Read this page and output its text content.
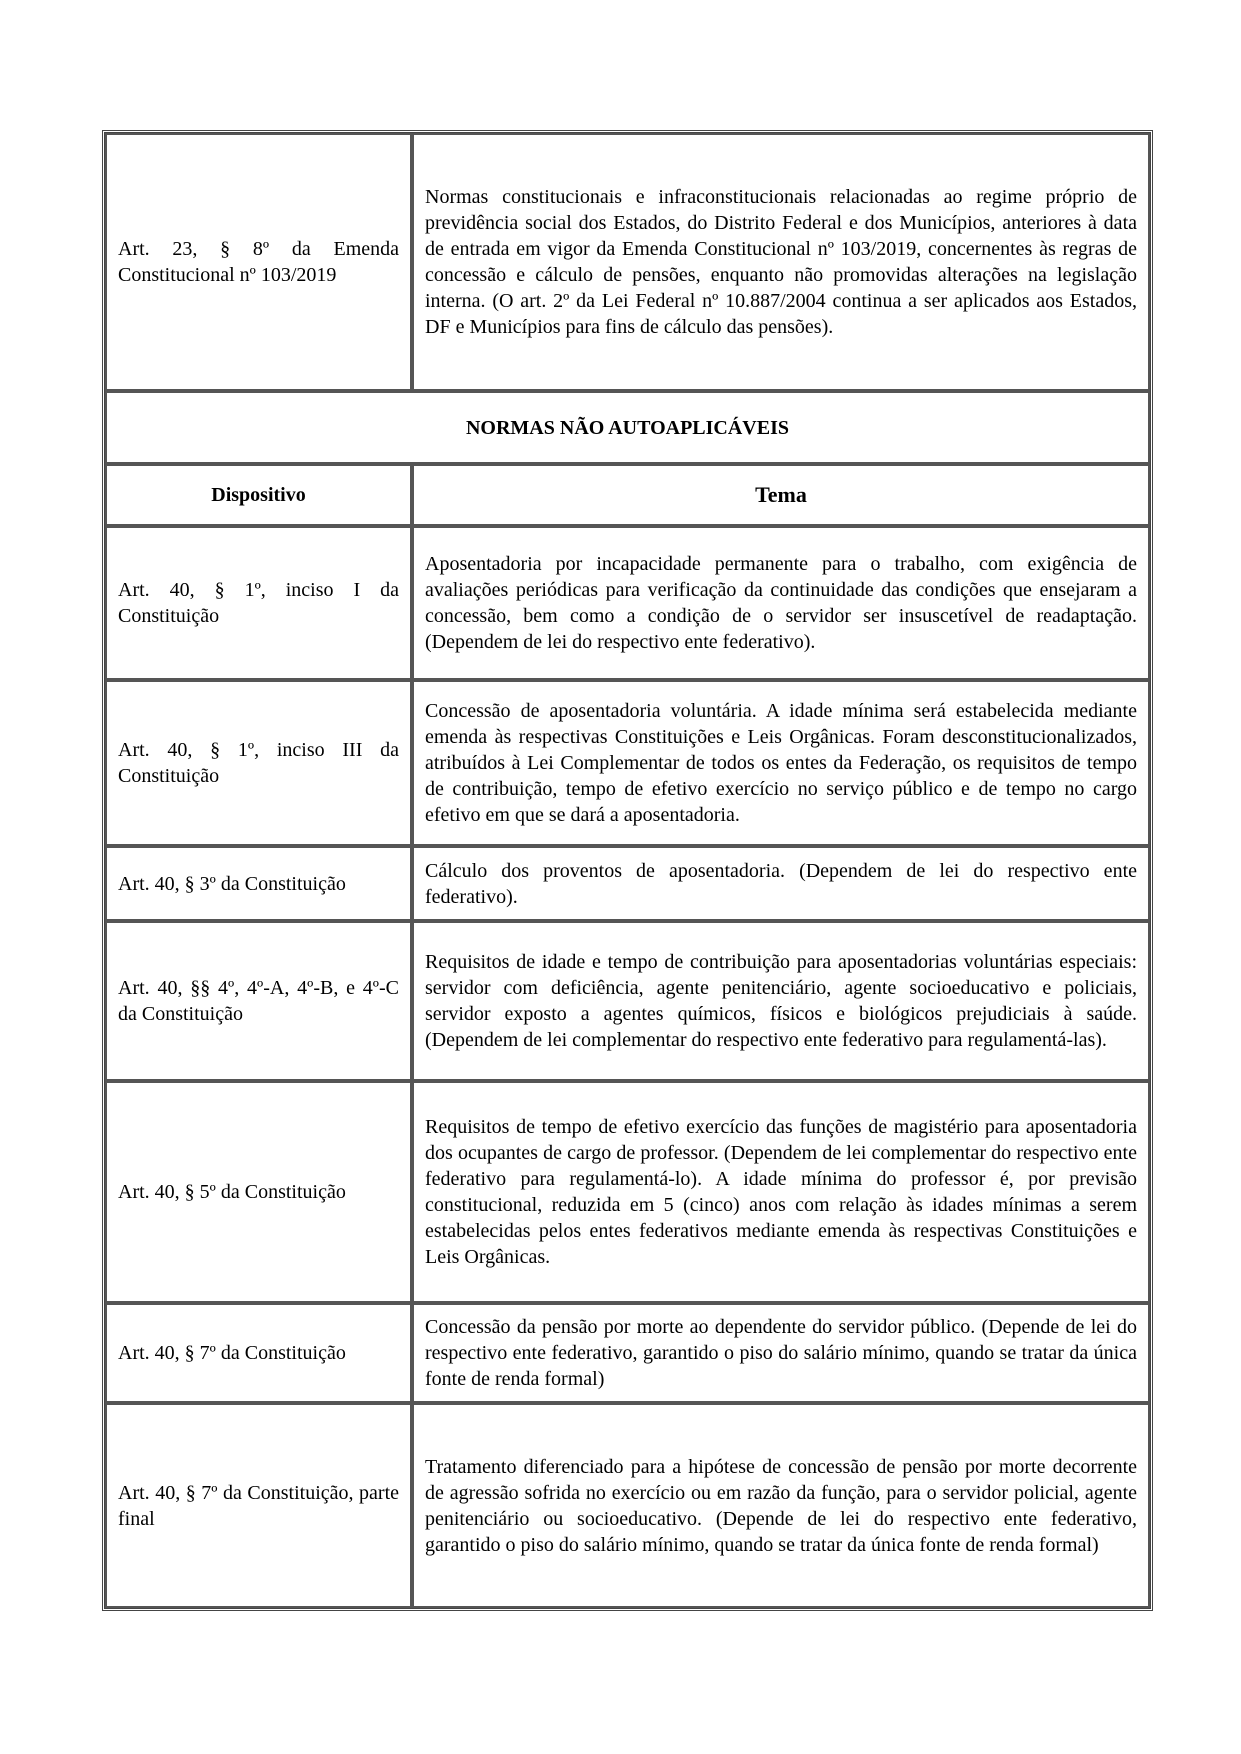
Art. 23, § 8º da Emenda Constitucional nº 103/2019	Normas constitucionais e infraconstitucionais relacionadas ao regime próprio de previdência social dos Estados, do Distrito Federal e dos Municípios, anteriores à data de entrada em vigor da Emenda Constitucional nº 103/2019, concernentes às regras de concessão e cálculo de pensões, enquanto não promovidas alterações na legislação interna. (O art. 2º da Lei Federal nº 10.887/2004 continua a ser aplicados aos Estados, DF e Municípios para fins de cálculo das pensões).
NORMAS NÃO AUTOAPLICÁVEIS	
Dispositivo	Tema
Art. 40, § 1º, inciso I da Constituição	Aposentadoria por incapacidade permanente para o trabalho, com exigência de avaliações periódicas para verificação da continuidade das condições que ensejaram a concessão, bem como a condição de o servidor ser insuscetível de readaptação. (Dependem de lei do respectivo ente federativo).
Art. 40, § 1º, inciso III da Constituição	Concessão de aposentadoria voluntária. A idade mínima será estabelecida mediante emenda às respectivas Constituições e Leis Orgânicas. Foram desconstitucionalizados, atribuídos à Lei Complementar de todos os entes da Federação, os requisitos de tempo de contribuição, tempo de efetivo exercício no serviço público e de tempo no cargo efetivo em que se dará a aposentadoria.
Art. 40, § 3º da Constituição	Cálculo dos proventos de aposentadoria. (Dependem de lei do respectivo ente federativo).
Art. 40, §§ 4º, 4º-A, 4º-B, e 4º-C da Constituição	Requisitos de idade e tempo de contribuição para aposentadorias voluntárias especiais: servidor com deficiência, agente penitenciário, agente socioeducativo e policiais, servidor exposto a agentes químicos, físicos e biológicos prejudiciais à saúde. (Dependem de lei complementar do respectivo ente federativo para regulamentá-las).
Art. 40, § 5º da Constituição	Requisitos de tempo de efetivo exercício das funções de magistério para aposentadoria dos ocupantes de cargo de professor. (Dependem de lei complementar do respectivo ente federativo para regulamentá-lo). A idade mínima do professor é, por previsão constitucional, reduzida em 5 (cinco) anos com relação às idades mínimas a serem estabelecidas pelos entes federativos mediante emenda às respectivas Constituições e Leis Orgânicas.
Art. 40, § 7º da Constituição	Concessão da pensão por morte ao dependente do servidor público. (Depende de lei do respectivo ente federativo, garantido o piso do salário mínimo, quando se tratar da única fonte de renda formal)
Art. 40, § 7º da Constituição, parte final	Tratamento diferenciado para a hipótese de concessão de pensão por morte decorrente de agressão sofrida no exercício ou em razão da função, para o servidor policial, agente penitenciário ou socioeducativo. (Depende de lei do respectivo ente federativo, garantido o piso do salário mínimo, quando se tratar da única fonte de renda formal)
